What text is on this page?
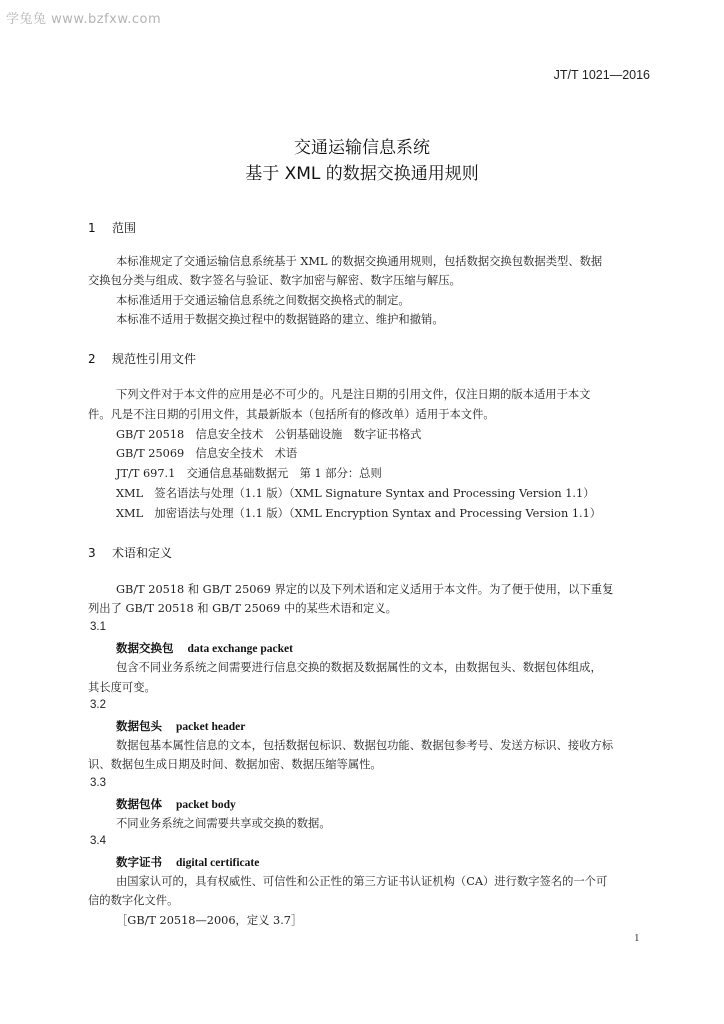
学兔兔 www.bzfxw.com
JT/T 1021—2016
交通运输信息系统
基于 XML 的数据交换通用规则
1 范围
本标准规定了交通运输信息系统基于 XML 的数据交换通用规则，包括数据交换包数据类型、数据
交换包分类与组成、数字签名与验证、数字加密与解密、数字压缩与解压。
本标准适用于交通运输信息系统之间数据交换格式的制定。
本标准不适用于数据交换过程中的数据链路的建立、维护和撤销。
2 规范性引用文件
下列文件对于本文件的应用是必不可少的。凡是注日期的引用文件，仅注日期的版本适用于本文
件。凡是不注日期的引用文件，其最新版本（包括所有的修改单）适用于本文件。
GB/T 20518　信息安全技术　公钥基础设施　数字证书格式
GB/T 25069　信息安全技术　术语
JT/T 697.1　交通信息基础数据元　第 1 部分：总则
XML　签名语法与处理（1.1 版）（XML Signature Syntax and Processing Version 1.1）
XML　加密语法与处理（1.1 版）（XML Encryption Syntax and Processing Version 1.1）
3 术语和定义
GB/T 20518 和 GB/T 25069 界定的以及下列术语和定义适用于本文件。为了便于使用，以下重复
列出了 GB/T 20518 和 GB/T 25069 中的某些术语和定义。
3.1
数据交换包 data exchange packet
包含不同业务系统之间需要进行信息交换的数据及数据属性的文本，由数据包头、数据包体组成，
其长度可变。
3.2
数据包头 packet header
数据包基本属性信息的文本，包括数据包标识、数据包功能、数据包参考号、发送方标识、接收方标
识、数据包生成日期及时间、数据加密、数据压缩等属性。
3.3
数据包体 packet body
不同业务系统之间需要共享或交换的数据。
3.4
数字证书 digital certificate
由国家认可的，具有权威性、可信性和公正性的第三方证书认证机构（CA）进行数字签名的一个可
信的数字化文件。
［GB/T 20518—2006，定义 3.7］
1
